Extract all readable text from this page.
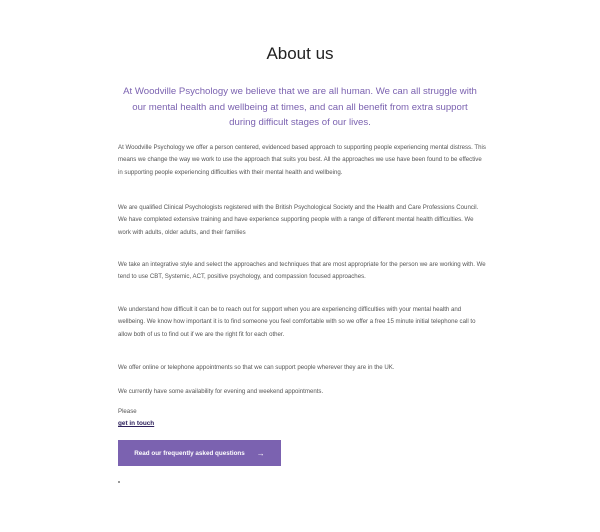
About us

At Woodville Psychology we believe that we are all human. We can all struggle with our mental health and wellbeing at times, and can all benefit from extra support during difficult stages of our lives.

At Woodville Psychology we offer a person centered, evidenced based approach to supporting people experiencing mental distress. This means we change the way we work to use the approach that suits you best. All the approaches we use have been found to be effective in supporting people experiencing difficulties with their mental health and wellbeing.

We are qualified Clinical Psychologists registered with the British Psychological Society and the Health and Care Professions Council. We have completed extensive training and have experience supporting people with a range of different mental health difficulties. We work with adults, older adults, and their families

We take an integrative style and select the approaches and techniques that are most appropriate for the person we are working with. We tend to use CBT, Systemic, ACT, positive psychology, and compassion focused approaches.

We understand how difficult it can be to reach out for support when you are experiencing difficulties with your mental health and wellbeing. We know how important it is to find someone you feel comfortable with so we offer a free 15 minute initial telephone call to allow both of us to find out if we are the right fit for each other.

We offer online or telephone appointments so that we can support people wherever they are in the UK.

We currently have some availability for evening and weekend appointments.

Please
get in touch
Read our frequently asked questions →
